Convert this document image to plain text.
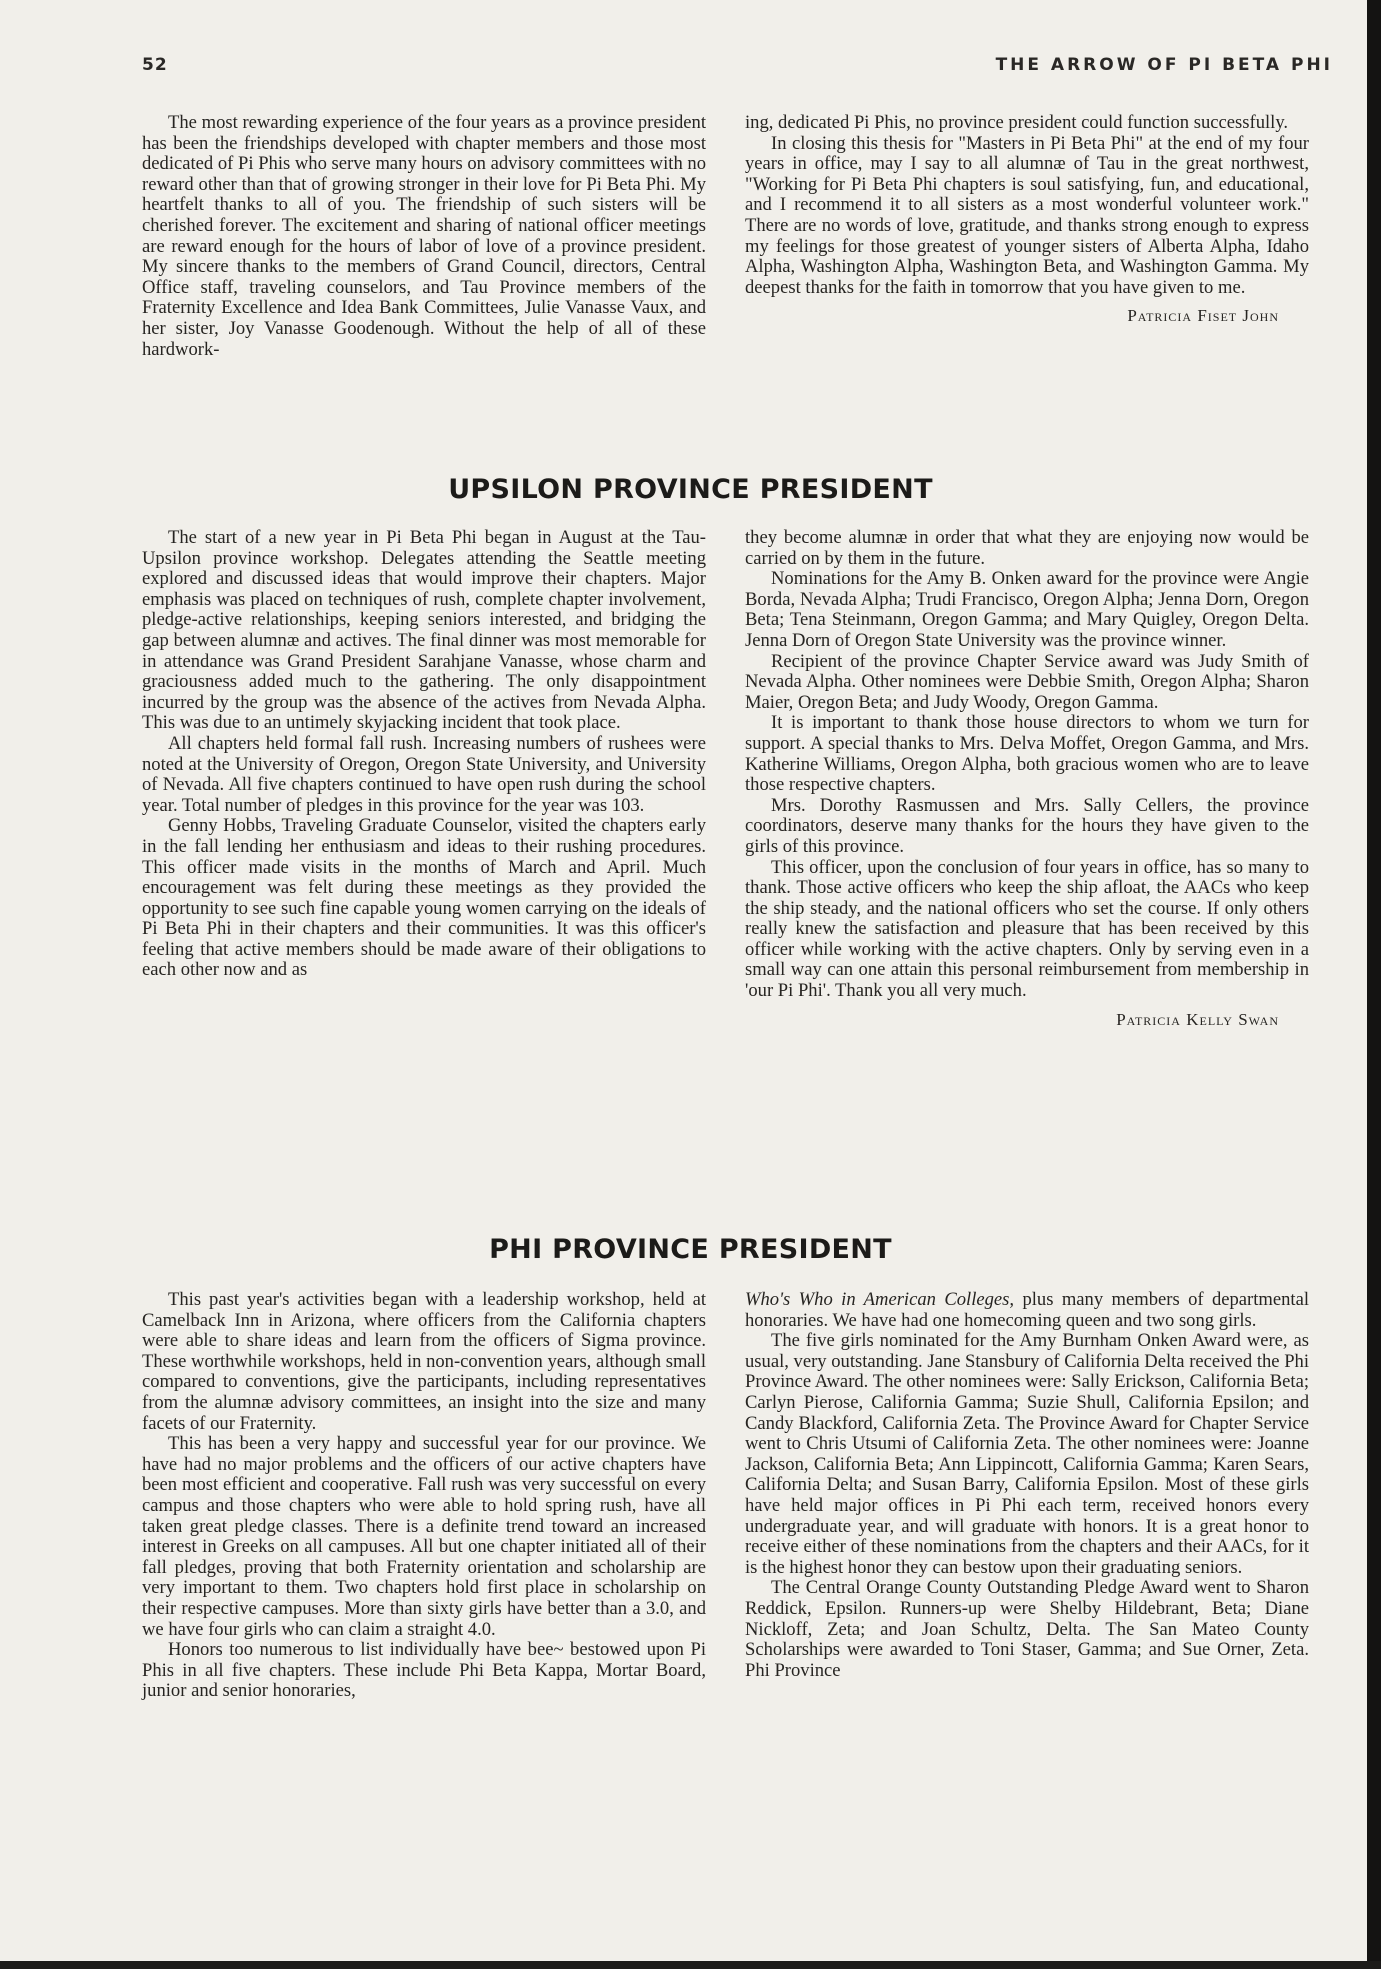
52	THE ARROW OF PI BETA PHI

The most rewarding experience of the four years as a province president has been the friendships developed with chapter members and those most dedicated of Pi Phis who serve many hours on advisory committees with no reward other than that of growing stronger in their love for Pi Beta Phi. My heartfelt thanks to all of you. The friendship of such sisters will be cherished forever. The excitement and sharing of national officer meetings are reward enough for the hours of labor of love of a province president. My sincere thanks to the members of Grand Council, directors, Central Office staff, traveling counselors, and Tau Province members of the Fraternity Excellence and Idea Bank Committees, Julie Vanasse Vaux, and her sister, Joy Vanasse Goodenough. Without the help of all of these hardwork-

ing, dedicated Pi Phis, no province president could function successfully.

In closing this thesis for "Masters in Pi Beta Phi" at the end of my four years in office, may I say to all alumnæ of Tau in the great northwest, "Working for Pi Beta Phi chapters is soul satisfying, fun, and educational, and I recommend it to all sisters as a most wonderful volunteer work." There are no words of love, gratitude, and thanks strong enough to express my feelings for those greatest of younger sisters of Alberta Alpha, Idaho Alpha, Washington Alpha, Washington Beta, and Washington Gamma. My deepest thanks for the faith in tomorrow that you have given to me.

Patricia Fiset John
UPSILON PROVINCE PRESIDENT

The start of a new year in Pi Beta Phi began in August at the Tau-Upsilon province workshop. Delegates attending the Seattle meeting explored and discussed ideas that would improve their chapters. Major emphasis was placed on techniques of rush, complete chapter involvement, pledge-active relationships, keeping seniors interested, and bridging the gap between alumnæ and actives. The final dinner was most memorable for in attendance was Grand President Sarahjane Vanasse, whose charm and graciousness added much to the gathering. The only disappointment incurred by the group was the absence of the actives from Nevada Alpha. This was due to an untimely skyjacking incident that took place.

All chapters held formal fall rush. Increasing numbers of rushees were noted at the University of Oregon, Oregon State University, and University of Nevada. All five chapters continued to have open rush during the school year. Total number of pledges in this province for the year was 103.

Genny Hobbs, Traveling Graduate Counselor, visited the chapters early in the fall lending her enthusiasm and ideas to their rushing procedures. This officer made visits in the months of March and April. Much encouragement was felt during these meetings as they provided the opportunity to see such fine capable young women carrying on the ideals of Pi Beta Phi in their chapters and their communities. It was this officer's feeling that active members should be made aware of their obligations to each other now and as

they become alumnæ in order that what they are enjoying now would be carried on by them in the future.

Nominations for the Amy B. Onken award for the province were Angie Borda, Nevada Alpha; Trudi Francisco, Oregon Alpha; Jenna Dorn, Oregon Beta; Tena Steinmann, Oregon Gamma; and Mary Quigley, Oregon Delta. Jenna Dorn of Oregon State University was the province winner.

Recipient of the province Chapter Service award was Judy Smith of Nevada Alpha. Other nominees were Debbie Smith, Oregon Alpha; Sharon Maier, Oregon Beta; and Judy Woody, Oregon Gamma.

It is important to thank those house directors to whom we turn for support. A special thanks to Mrs. Delva Moffet, Oregon Gamma, and Mrs. Katherine Williams, Oregon Alpha, both gracious women who are to leave those respective chapters.

Mrs. Dorothy Rasmussen and Mrs. Sally Cellers, the province coordinators, deserve many thanks for the hours they have given to the girls of this province.

This officer, upon the conclusion of four years in office, has so many to thank. Those active officers who keep the ship afloat, the AACs who keep the ship steady, and the national officers who set the course. If only others really knew the satisfaction and pleasure that has been received by this officer while working with the active chapters. Only by serving even in a small way can one attain this personal reimbursement from membership in 'our Pi Phi'. Thank you all very much.

Patricia Kelly Swan
PHI PROVINCE PRESIDENT

This past year's activities began with a leadership workshop, held at Camelback Inn in Arizona, where officers from the California chapters were able to share ideas and learn from the officers of Sigma province. These worthwhile workshops, held in non-convention years, although small compared to conventions, give the participants, including representatives from the alumnæ advisory committees, an insight into the size and many facets of our Fraternity.

This has been a very happy and successful year for our province. We have had no major problems and the officers of our active chapters have been most efficient and cooperative. Fall rush was very successful on every campus and those chapters who were able to hold spring rush, have all taken great pledge classes. There is a definite trend toward an increased interest in Greeks on all campuses. All but one chapter initiated all of their fall pledges, proving that both Fraternity orientation and scholarship are very important to them. Two chapters hold first place in scholarship on their respective campuses. More than sixty girls have better than a 3.0, and we have four girls who can claim a straight 4.0.

Honors too numerous to list individually have bee~ bestowed upon Pi Phis in all five chapters. These include Phi Beta Kappa, Mortar Board, junior and senior honoraries,

Who's Who in American Colleges, plus many members of departmental honoraries. We have had one homecoming queen and two song girls.

The five girls nominated for the Amy Burnham Onken Award were, as usual, very outstanding. Jane Stansbury of California Delta received the Phi Province Award. The other nominees were: Sally Erickson, California Beta; Carlyn Pierose, California Gamma; Suzie Shull, California Epsilon; and Candy Blackford, California Zeta. The Province Award for Chapter Service went to Chris Utsumi of California Zeta. The other nominees were: Joanne Jackson, California Beta; Ann Lippincott, California Gamma; Karen Sears, California Delta; and Susan Barry, California Epsilon. Most of these girls have held major offices in Pi Phi each term, received honors every undergraduate year, and will graduate with honors. It is a great honor to receive either of these nominations from the chapters and their AACs, for it is the highest honor they can bestow upon their graduating seniors.

The Central Orange County Outstanding Pledge Award went to Sharon Reddick, Epsilon. Runners-up were Shelby Hildebrant, Beta; Diane Nickloff, Zeta; and Joan Schultz, Delta. The San Mateo County Scholarships were awarded to Toni Staser, Gamma; and Sue Orner, Zeta. Phi Province
